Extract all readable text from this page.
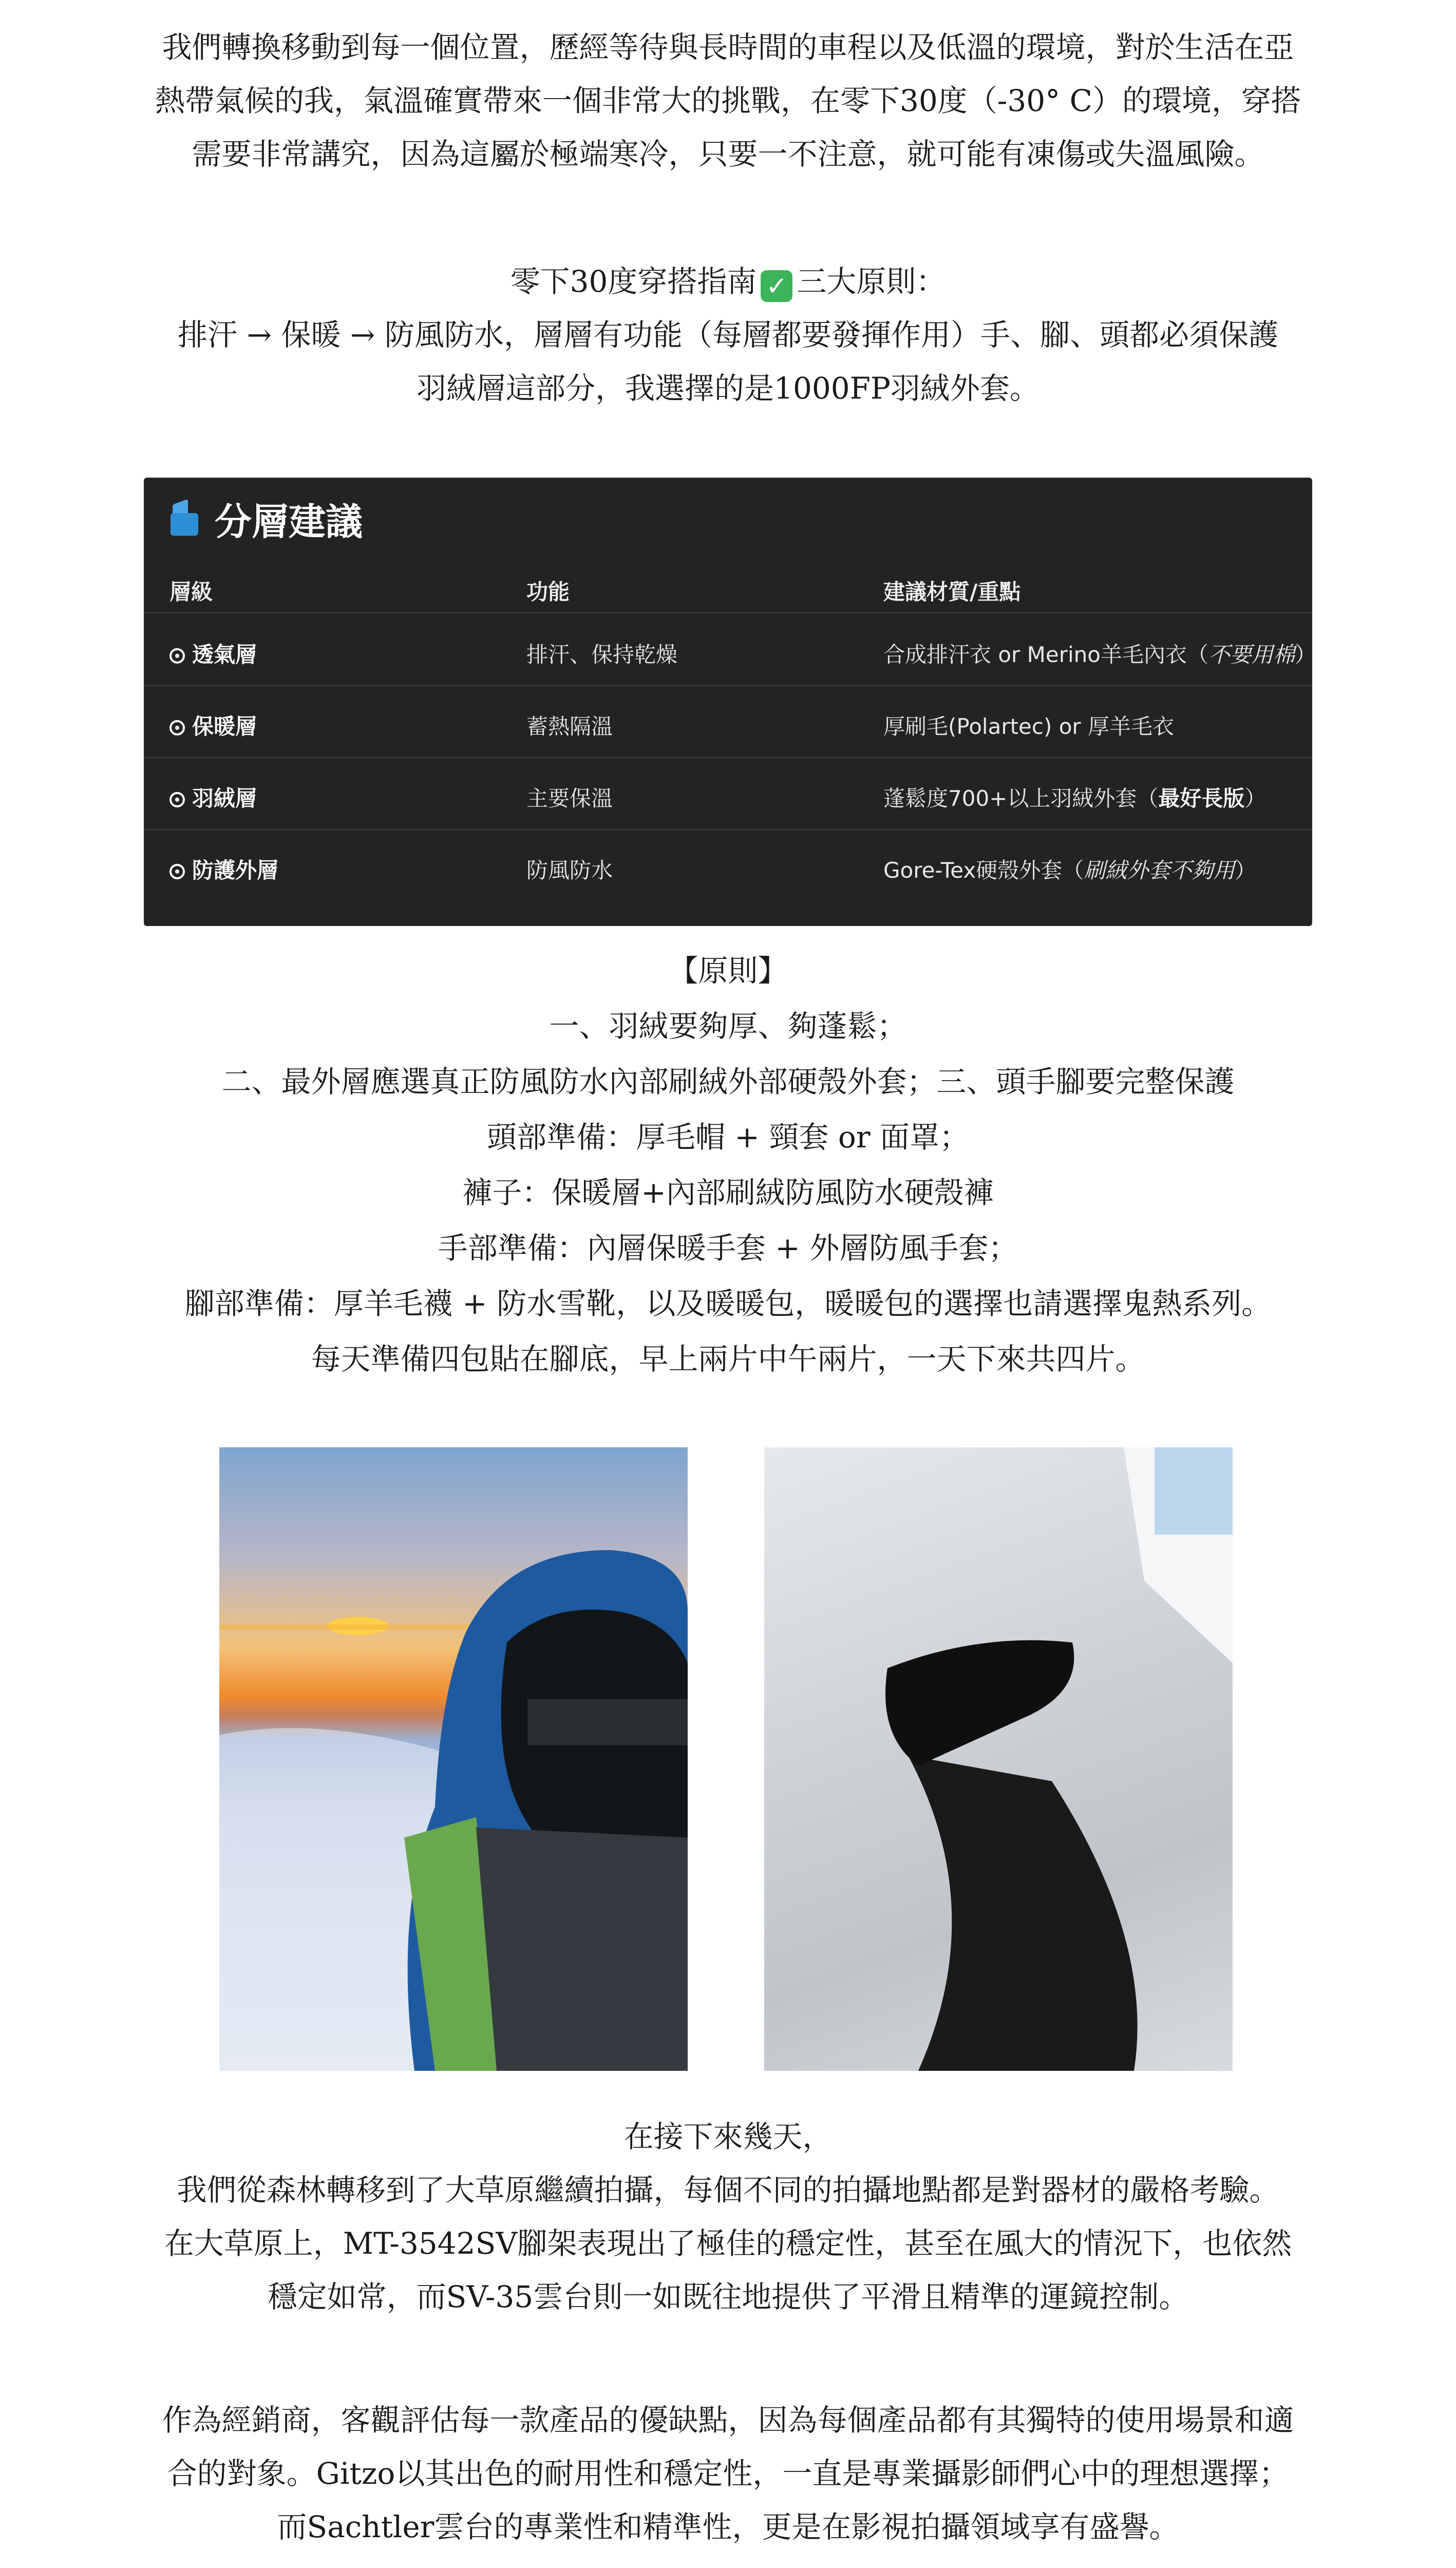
我們轉換移動到每一個位置，歷經等待與長時間的車程以及低溫的環境，對於生活在亞
熱帶氣候的我，氣溫確實帶來一個非常大的挑戰，在零下30度（-30° C）的環境，穿搭
需要非常講究，因為這屬於極端寒冷，只要一不注意，就可能有凍傷或失溫風險。
零下30度穿搭指南 ✓ 三大原則：
排汗 → 保暖 → 防風防水，層層有功能（每層都要發揮作用）手、腳、頭都必須保護
羽絨層這部分，我選擇的是1000FP羽絨外套。
分層建議
層級	功能	建議材質/重點
透氣層	排汗、保持乾燥	合成排汗衣 or Merino羊毛內衣（不要用棉）
保暖層	蓄熱隔溫	厚刷毛(Polartec) or 厚羊毛衣
羽絨層	主要保溫	蓬鬆度700+以上羽絨外套（最好長版）
防護外層	防風防水	Gore-Tex硬殼外套（刷絨外套不夠用）
【原則】
一、羽絨要夠厚、夠蓬鬆；
二、最外層應選真正防風防水內部刷絨外部硬殼外套；三、頭手腳要完整保護
頭部準備：厚毛帽 + 頸套 or 面罩；
褲子：保暖層+內部刷絨防風防水硬殼褲
手部準備：內層保暖手套 + 外層防風手套；
腳部準備：厚羊毛襪 + 防水雪靴，以及暖暖包，暖暖包的選擇也請選擇鬼熱系列。
每天準備四包貼在腳底，早上兩片中午兩片，一天下來共四片。
在接下來幾天，
我們從森林轉移到了大草原繼續拍攝，每個不同的拍攝地點都是對器材的嚴格考驗。
在大草原上，MT-3542SV腳架表現出了極佳的穩定性，甚至在風大的情況下，也依然
穩定如常，而SV-35雲台則一如既往地提供了平滑且精準的運鏡控制。
作為經銷商，客觀評估每一款產品的優缺點，因為每個產品都有其獨特的使用場景和適
合的對象。Gitzo以其出色的耐用性和穩定性，一直是專業攝影師們心中的理想選擇；
而Sachtler雲台的專業性和精準性，更是在影視拍攝領域享有盛譽。
